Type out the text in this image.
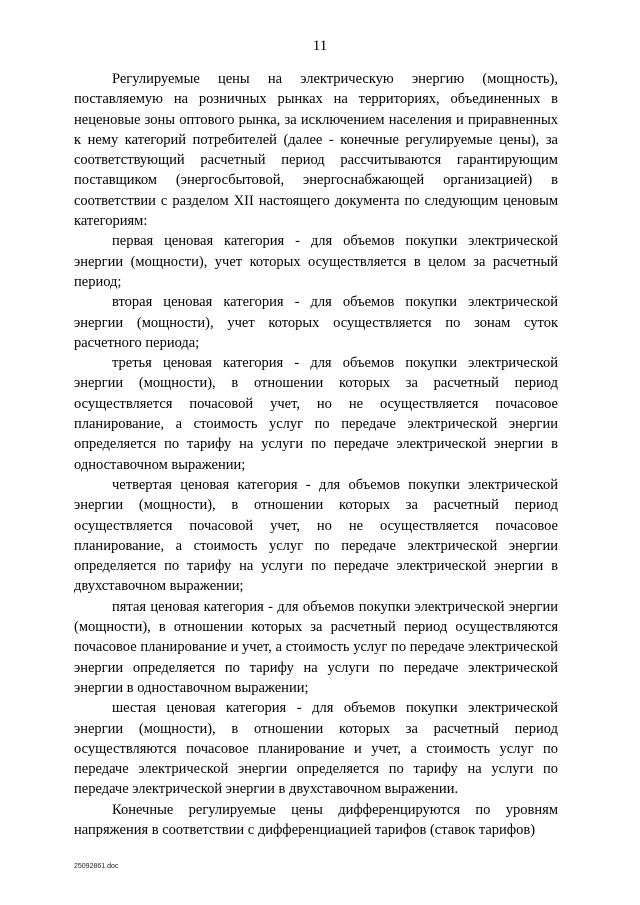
11

Регулируемые цены на электрическую энергию (мощность), поставляемую на розничных рынках на территориях, объединенных в неценовые зоны оптового рынка, за исключением населения и приравненных к нему категорий потребителей (далее - конечные регулируемые цены), за соответствующий расчетный период рассчитываются гарантирующим поставщиком (энергосбытовой, энергоснабжающей организацией) в соответствии с разделом XII настоящего документа по следующим ценовым категориям:

первая ценовая категория - для объемов покупки электрической энергии (мощности), учет которых осуществляется в целом за расчетный период;

вторая ценовая категория - для объемов покупки электрической энергии (мощности), учет которых осуществляется по зонам суток расчетного периода;

третья ценовая категория - для объемов покупки электрической энергии (мощности), в отношении которых за расчетный период осуществляется почасовой учет, но не осуществляется почасовое планирование, а стоимость услуг по передаче электрической энергии определяется по тарифу на услуги по передаче электрической энергии в одноставочном выражении;

четвертая ценовая категория - для объемов покупки электрической энергии (мощности), в отношении которых за расчетный период осуществляется почасовой учет, но не осуществляется почасовое планирование, а стоимость услуг по передаче электрической энергии определяется по тарифу на услуги по передаче электрической энергии в двухставочном выражении;

пятая ценовая категория - для объемов покупки электрической энергии (мощности), в отношении которых за расчетный период осуществляются почасовое планирование и учет, а стоимость услуг по передаче электрической энергии определяется по тарифу на услуги по передаче электрической энергии в одноставочном выражении;

шестая ценовая категория - для объемов покупки электрической энергии (мощности), в отношении которых за расчетный период осуществляются почасовое планирование и учет, а стоимость услуг по передаче электрической энергии определяется по тарифу на услуги по передаче электрической энергии в двухставочном выражении.

Конечные регулируемые цены дифференцируются по уровням напряжения в соответствии с дифференциацией тарифов (ставок тарифов)

25092861.doc
